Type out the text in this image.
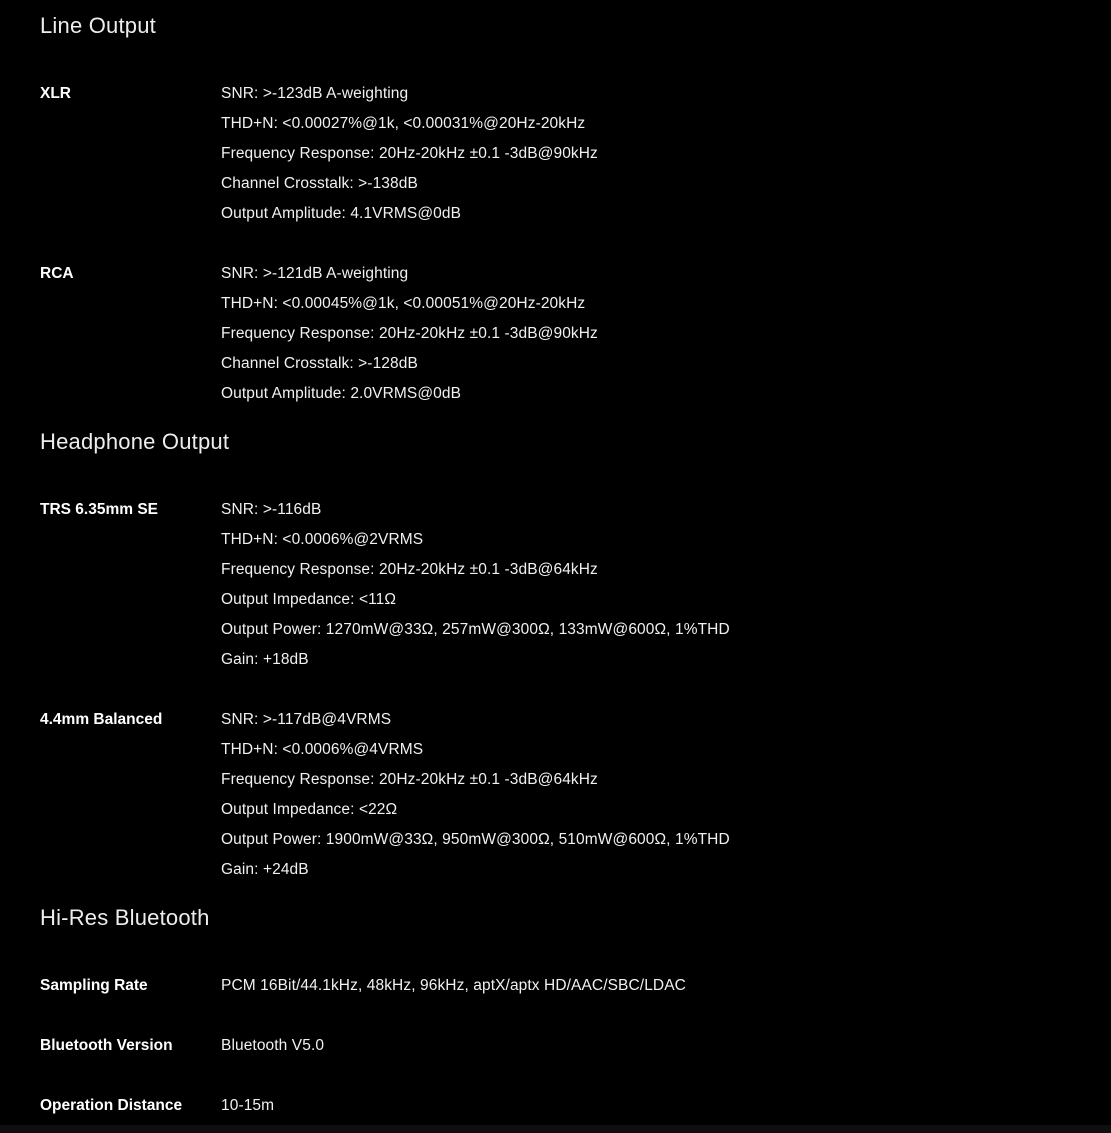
Line Output
XLR	SNR: >-123dB A-weighting
THD+N: <0.00027%@1k, <0.00031%@20Hz-20kHz
Frequency Response: 20Hz-20kHz ±0.1 -3dB@90kHz
Channel Crosstalk: >-138dB
Output Amplitude: 4.1VRMS@0dB
RCA	SNR: >-121dB A-weighting
THD+N: <0.00045%@1k, <0.00051%@20Hz-20kHz
Frequency Response: 20Hz-20kHz ±0.1 -3dB@90kHz
Channel Crosstalk: >-128dB
Output Amplitude: 2.0VRMS@0dB
Headphone Output
TRS 6.35mm SE	SNR: >-116dB
THD+N: <0.0006%@2VRMS
Frequency Response: 20Hz-20kHz ±0.1 -3dB@64kHz
Output Impedance: <11Ω
Output Power: 1270mW@33Ω, 257mW@300Ω, 133mW@600Ω, 1%THD
Gain: +18dB
4.4mm Balanced	SNR: >-117dB@4VRMS
THD+N: <0.0006%@4VRMS
Frequency Response: 20Hz-20kHz ±0.1 -3dB@64kHz
Output Impedance: <22Ω
Output Power: 1900mW@33Ω, 950mW@300Ω, 510mW@600Ω, 1%THD
Gain: +24dB
Hi-Res Bluetooth
Sampling Rate	PCM 16Bit/44.1kHz, 48kHz, 96kHz, aptX/aptx HD/AAC/SBC/LDAC
Bluetooth Version	Bluetooth V5.0
Operation Distance	10-15m
